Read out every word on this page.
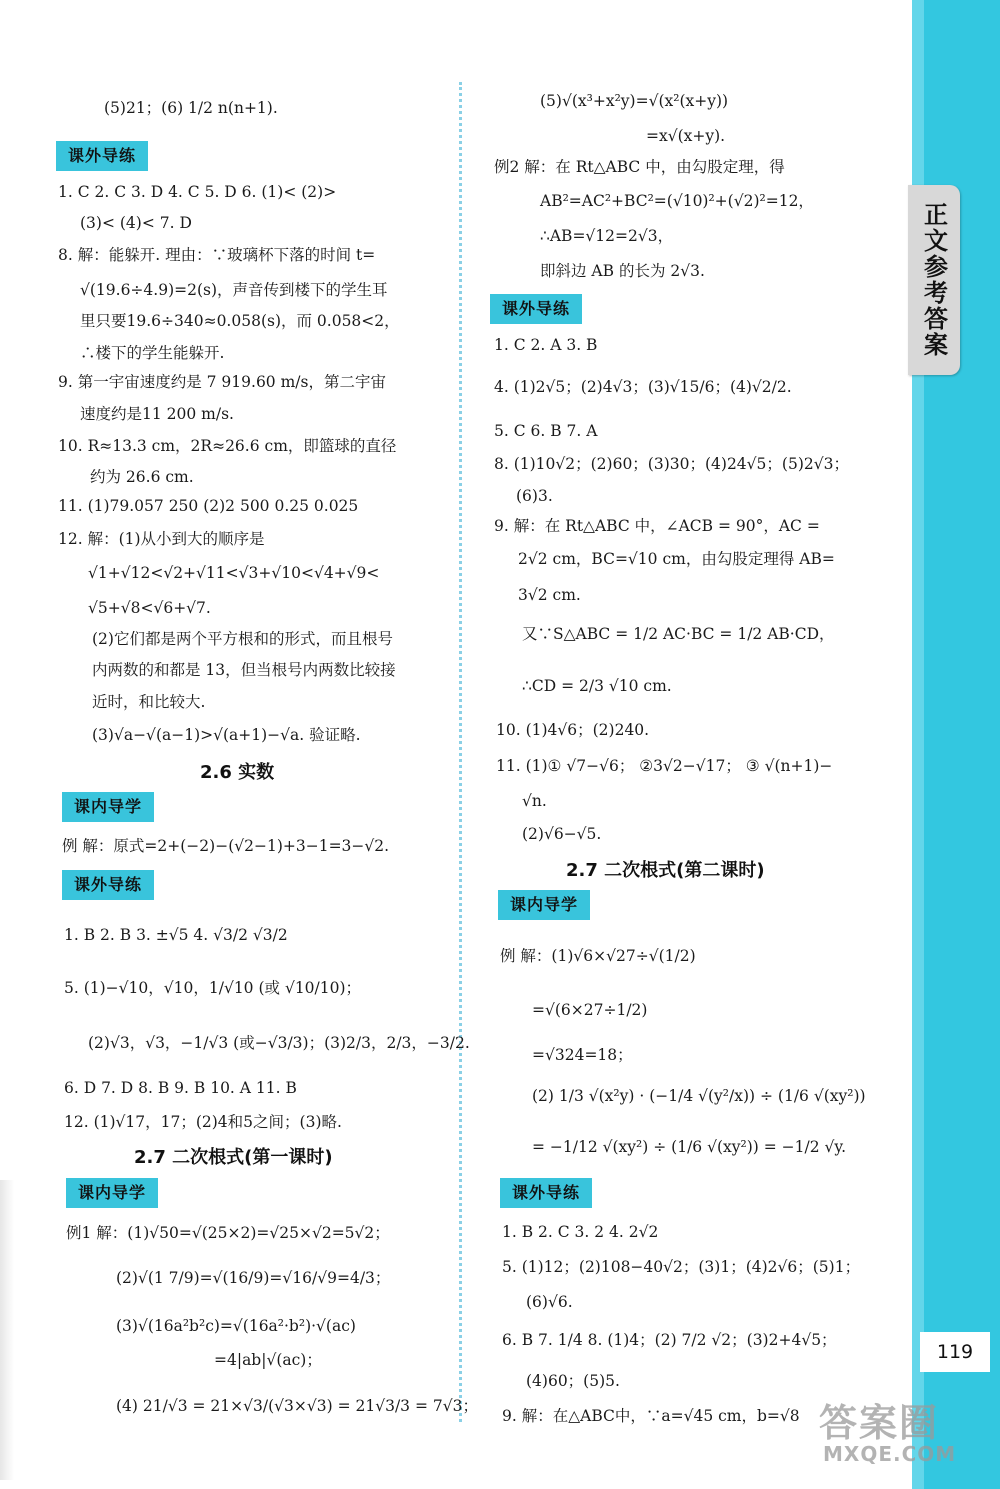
正文参考答案
119
(5)21；(6) 1/2 n(n+1).
课外导练
1. C 2. C 3. D 4. C 5. D 6. (1)< (2)>
(3)< (4)< 7. D
8. 解：能躲开. 理由：∵玻璃杯下落的时间 t=
√(19.6÷4.9)=2(s)，声音传到楼下的学生耳
里只要19.6÷340≈0.058(s)，而 0.058<2，
∴楼下的学生能躲开.
9. 第一宇宙速度约是 7 919.60 m/s，第二宇宙
速度约是11 200 m/s.
10. R≈13.3 cm，2R≈26.6 cm，即篮球的直径
约为 26.6 cm.
11. (1)79.057 250 (2)2 500 0.25 0.025
12. 解：(1)从小到大的顺序是
√1+√12<√2+√11<√3+√10<√4+√9<
√5+√8<√6+√7.
(2)它们都是两个平方根和的形式，而且根号
内两数的和都是 13，但当根号内两数比较接
近时，和比较大.
(3)√a−√(a−1)>√(a+1)−√a. 验证略.
2.6 实数
课内导学
例 解：原式=2+(−2)−(√2−1)+3−1=3−√2.
课外导练
1. B 2. B 3. ±√5 4. √3/2 √3/2
5. (1)−√10，√10，1/√10 (或 √10/10)；
(2)√3，√3，−1/√3 (或−√3/3)；(3)2/3，2/3，−3/2.
6. D 7. D 8. B 9. B 10. A 11. B
12. (1)√17，17；(2)4和5之间；(3)略.
2.7 二次根式(第一课时)
课内导学
例1 解：(1)√50=√(25×2)=√25×√2=5√2；
(2)√(1 7/9)=√(16/9)=√16/√9=4/3；
(3)√(16a²b²c)=√(16a²·b²)·√(ac)
=4|ab|√(ac)；
(4) 21/√3 = 21×√3/(√3×√3) = 21√3/3 = 7√3；
(5)√(x³+x²y)=√(x²(x+y))
=x√(x+y).
例2 解：在 Rt△ABC 中，由勾股定理，得
AB²=AC²+BC²=(√10)²+(√2)²=12，
∴AB=√12=2√3，
即斜边 AB 的长为 2√3.
课外导练
1. C 2. A 3. B
4. (1)2√5；(2)4√3；(3)√15/6；(4)√2/2.
5. C 6. B 7. A
8. (1)10√2；(2)60；(3)30；(4)24√5；(5)2√3；
(6)3.
9. 解：在 Rt△ABC 中，∠ACB = 90°，AC =
2√2 cm，BC=√10 cm，由勾股定理得 AB=
3√2 cm.
又∵S△ABC = 1/2 AC·BC = 1/2 AB·CD，
∴CD = 2/3 √10 cm.
10. (1)4√6；(2)240.
11. (1)① √7−√6； ②3√2−√17； ③ √(n+1)−
√n.
(2)√6−√5.
2.7 二次根式(第二课时)
课内导学
例 解：(1)√6×√27÷√(1/2)
=√(6×27÷1/2)
=√324=18；
(2) 1/3 √(x²y) · (−1/4 √(y²/x)) ÷ (1/6 √(xy²))
= −1/12 √(xy²) ÷ (1/6 √(xy²)) = −1/2 √y.
课外导练
1. B 2. C 3. 2 4. 2√2
5. (1)12；(2)108−40√2；(3)1；(4)2√6；(5)1；
(6)√6.
6. B 7. 1/4 8. (1)4；(2) 7/2 √2；(3)2+4√5；
(4)60；(5)5.
9. 解：在△ABC中，∵a=√45 cm，b=√8 答案圈
MXQE.COM
